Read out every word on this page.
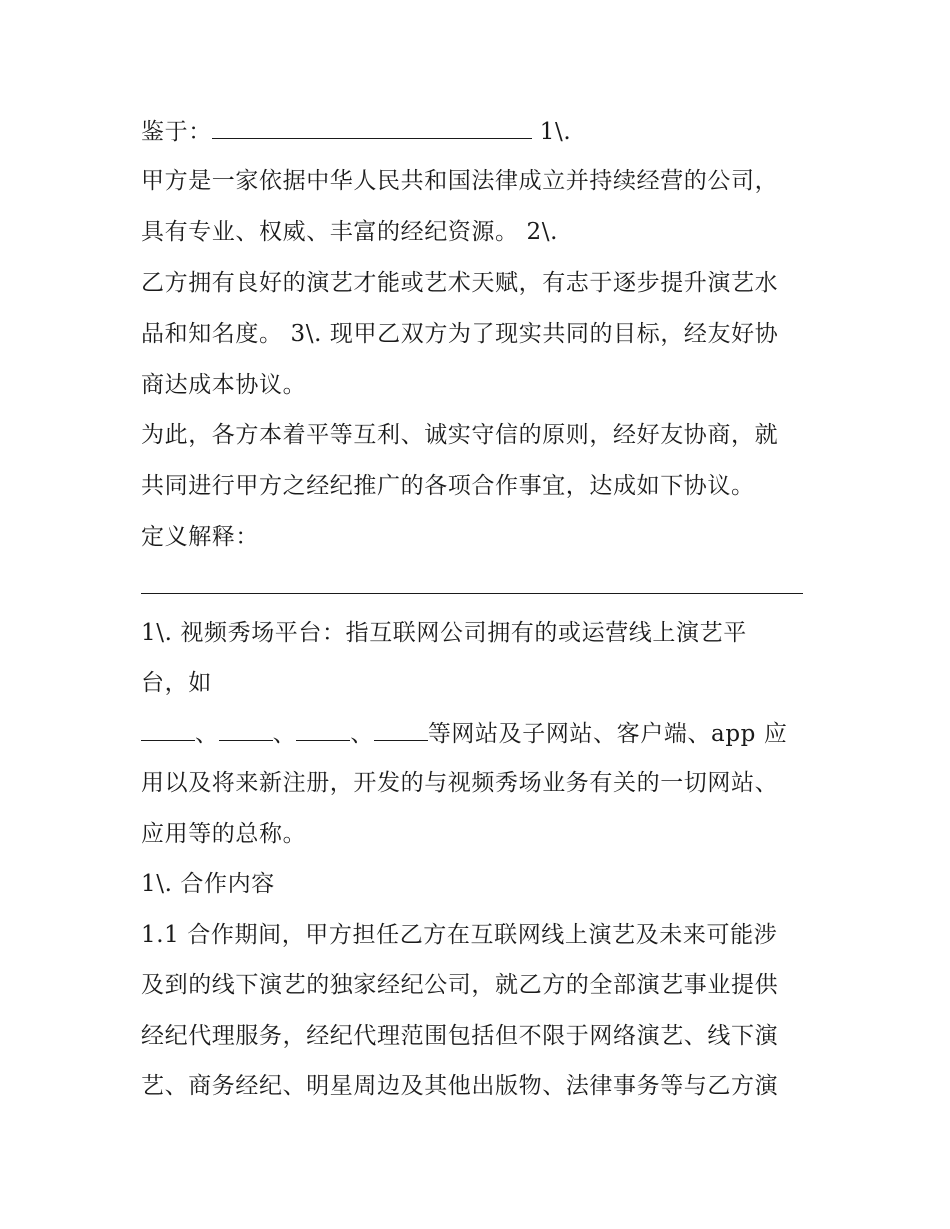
鉴于：	1\.
甲方是一家依据中华人民共和国法律成立并持续经营的公司，
具有专业、权威、丰富的经纪资源。 2\.
乙方拥有良好的演艺才能或艺术天赋，有志于逐步提升演艺水
品和知名度。 3\. 现甲乙双方为了现实共同的目标，经友好协
商达成本协议。
为此，各方本着平等互利、诚实守信的原则，经好友协商，就
共同进行甲方之经纪推广的各项合作事宜，达成如下协议。
定义解释：
1\. 视频秀场平台：指互联网公司拥有的或运营线上演艺平
台，如
、 、 、 等网站及子网站、客户端、app 应
用以及将来新注册，开发的与视频秀场业务有关的一切网站、
应用等的总称。
1\. 合作内容
1.1 合作期间，甲方担任乙方在互联网线上演艺及未来可能涉
及到的线下演艺的独家经纪公司，就乙方的全部演艺事业提供
经纪代理服务，经纪代理范围包括但不限于网络演艺、线下演
艺、商务经纪、明星周边及其他出版物、法律事务等与乙方演
